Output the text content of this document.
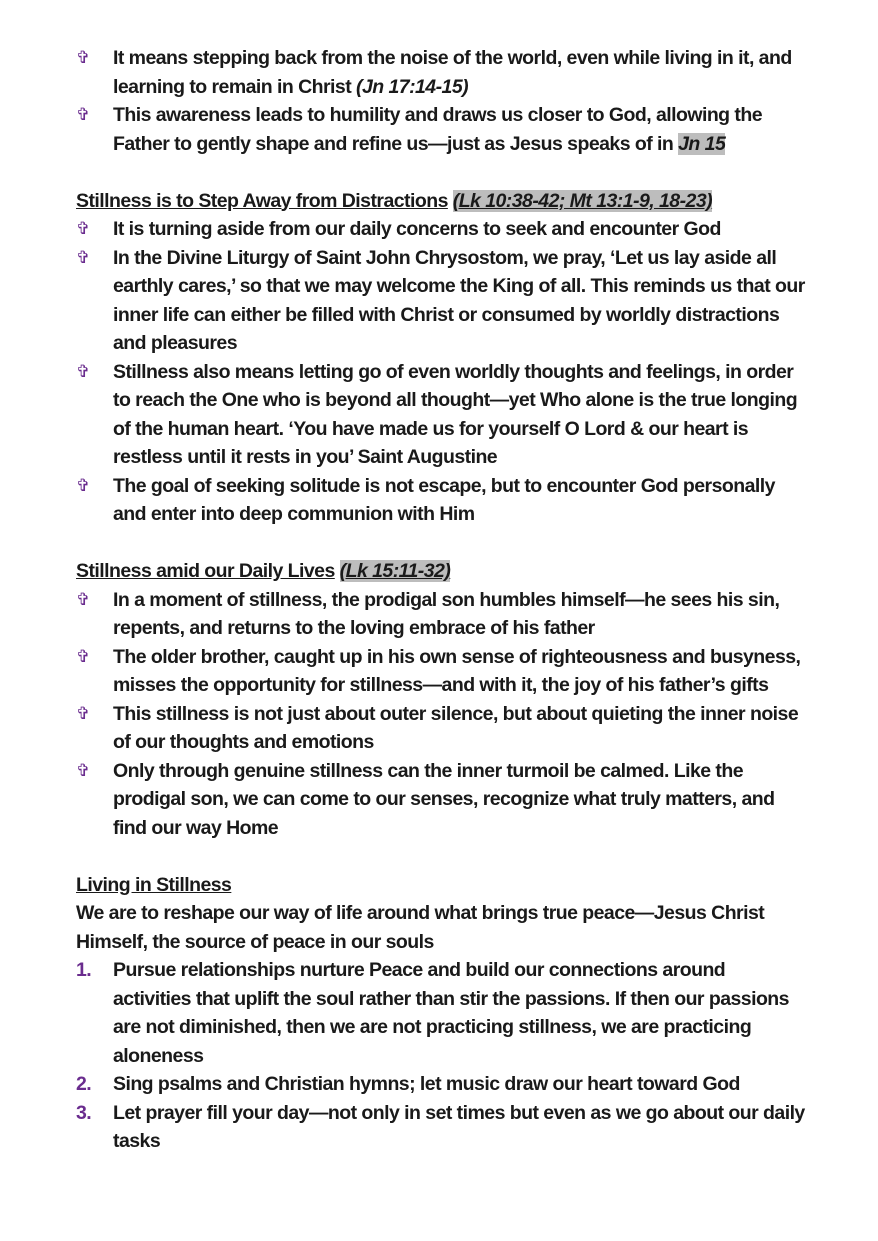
✞	It means stepping back from the noise of the world, even while living in it, and learning to remain in Christ (Jn 17:14-15)
✞	This awareness leads to humility and draws us closer to God, allowing the Father to gently shape and refine us—just as Jesus speaks of in Jn 15
Stillness is to Step Away from Distractions (Lk 10:38-42; Mt 13:1-9, 18-23)
✞	It is turning aside from our daily concerns to seek and encounter God
✞	In the Divine Liturgy of Saint John Chrysostom, we pray, ‘Let us lay aside all earthly cares,’ so that we may welcome the King of all. This reminds us that our inner life can either be filled with Christ or consumed by worldly distractions and pleasures
✞	Stillness also means letting go of even worldly thoughts and feelings, in order to reach the One who is beyond all thought—yet Who alone is the true longing of the human heart. ‘You have made us for yourself O Lord & our heart is restless until it rests in you’ Saint Augustine
✞	The goal of seeking solitude is not escape, but to encounter God personally and enter into deep communion with Him
Stillness amid our Daily Lives (Lk 15:11-32)
✞	In a moment of stillness, the prodigal son humbles himself—he sees his sin, repents, and returns to the loving embrace of his father
✞	The older brother, caught up in his own sense of righteousness and busyness, misses the opportunity for stillness—and with it, the joy of his father’s gifts
✞	This stillness is not just about outer silence, but about quieting the inner noise of our thoughts and emotions
✞	Only through genuine stillness can the inner turmoil be calmed. Like the prodigal son, we can come to our senses, recognize what truly matters, and find our way Home
Living in Stillness
We are to reshape our way of life around what brings true peace—Jesus Christ Himself, the source of peace in our souls
1.	Pursue relationships nurture Peace and build our connections around activities that uplift the soul rather than stir the passions. If then our passions are not diminished, then we are not practicing stillness, we are practicing aloneness
2.	Sing psalms and Christian hymns; let music draw our heart toward God
3.	Let prayer fill your day—not only in set times but even as we go about our daily tasks
